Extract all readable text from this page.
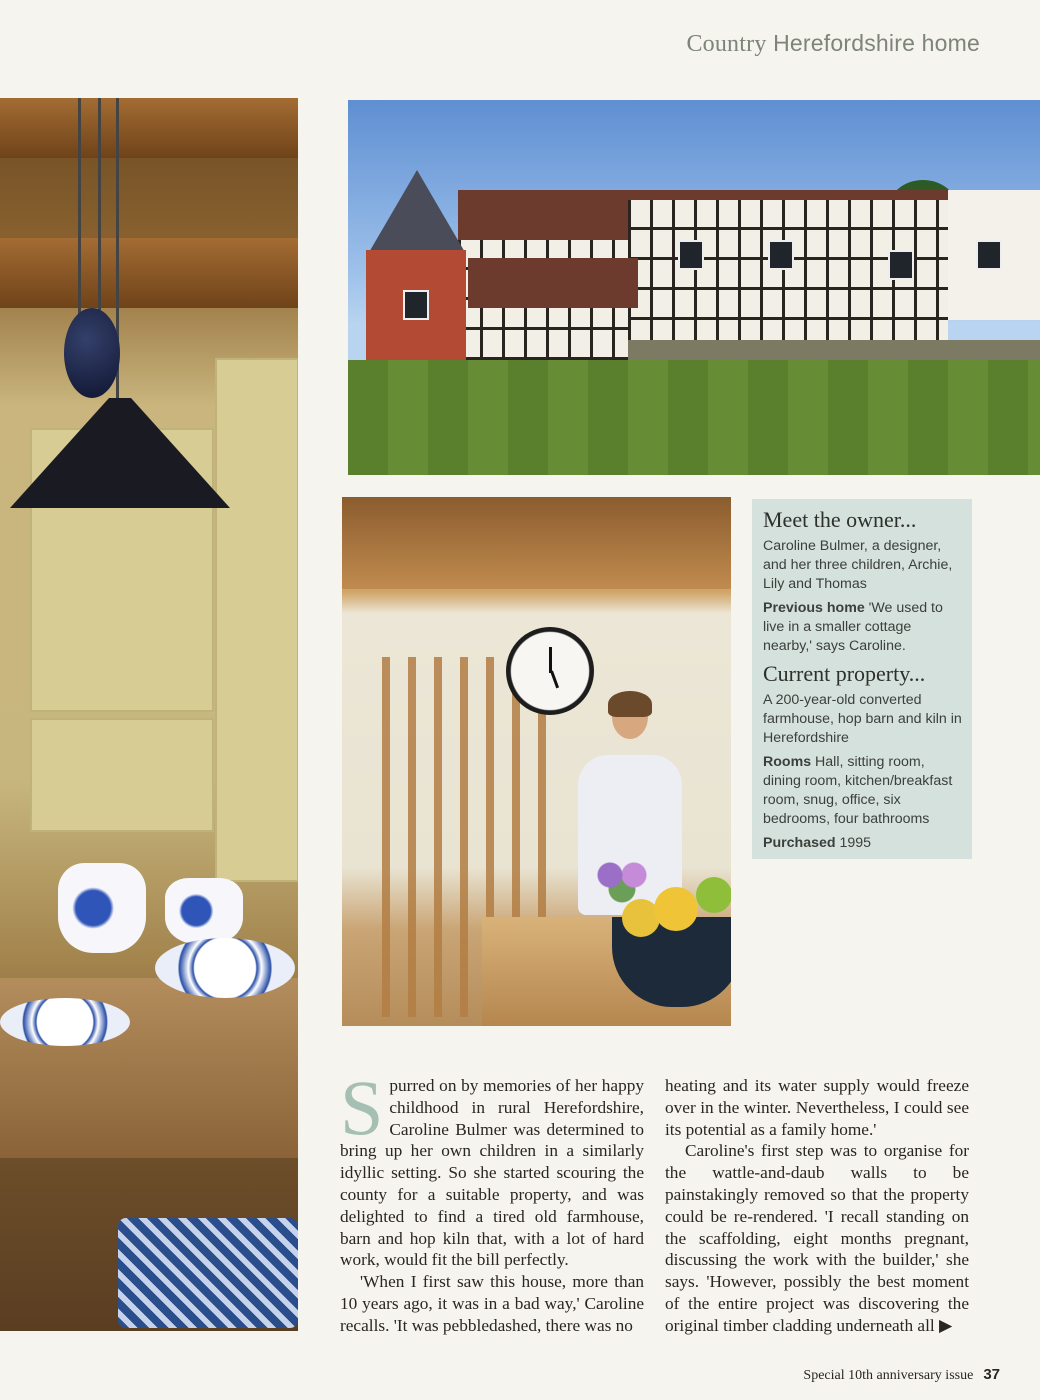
Country Herefordshire home
Meet the owner...

Caroline Bulmer, a designer, and her three children, Archie, Lily and Thomas

Previous home 'We used to live in a smaller cottage nearby,' says Caroline.

Current property...

A 200-year-old converted farmhouse, hop barn and kiln in Herefordshire

Rooms Hall, sitting room, dining room, kitchen/breakfast room, snug, office, six bedrooms, four bathrooms

Purchased 1995

Spurred on by memories of her happy childhood in rural Herefordshire, Caroline Bulmer was determined to bring up her own children in a similarly idyllic setting. So she started scouring the county for a suitable property, and was delighted to find a tired old farmhouse, barn and hop kiln that, with a lot of hard work, would fit the bill perfectly.

'When I first saw this house, more than 10 years ago, it was in a bad way,' Caroline recalls. 'It was pebbledashed, there was no

heating and its water supply would freeze over in the winter. Nevertheless, I could see its potential as a family home.'

Caroline's first step was to organise for the wattle-and-daub walls to be painstakingly removed so that the property could be re-rendered. 'I recall standing on the scaffolding, eight months pregnant, discussing the work with the builder,' she says. 'However, possibly the best moment of the entire project was discovering the original timber cladding underneath all ▶

Special 10th anniversary issue 37
